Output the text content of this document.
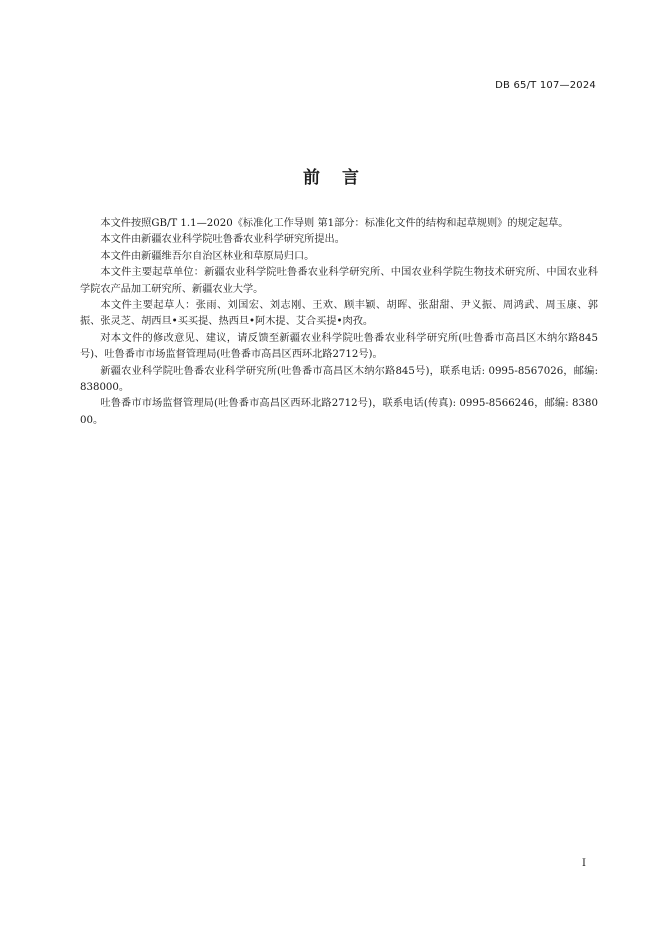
DB 65/T 107—2024
前言

本文件按照GB/T 1.1—2020《标准化工作导则 第1部分：标准化文件的结构和起草规则》的规定起草。

本文件由新疆农业科学院吐鲁番农业科学研究所提出。

本文件由新疆维吾尔自治区林业和草原局归口。

本文件主要起草单位：新疆农业科学院吐鲁番农业科学研究所、中国农业科学院生物技术研究所、中国农业科学院农产品加工研究所、新疆农业大学。

本文件主要起草人：张雨、刘国宏、刘志刚、王欢、顾丰颖、胡晖、张甜甜、尹义振、周鸿武、周玉康、郭振、张灵芝、胡西旦•买买提、热西旦•阿木提、艾合买提•肉孜。

对本文件的修改意见、建议，请反馈至新疆农业科学院吐鲁番农业科学研究所(吐鲁番市高昌区木纳尔路845号)、吐鲁番市市场监督管理局(吐鲁番市高昌区西环北路2712号)。

新疆农业科学院吐鲁番农业科学研究所(吐鲁番市高昌区木纳尔路845号)，联系电话: 0995-8567026，邮编: 838000。

吐鲁番市市场监督管理局(吐鲁番市高昌区西环北路2712号)，联系电话(传真): 0995-8566246，邮编: 838000。

I
